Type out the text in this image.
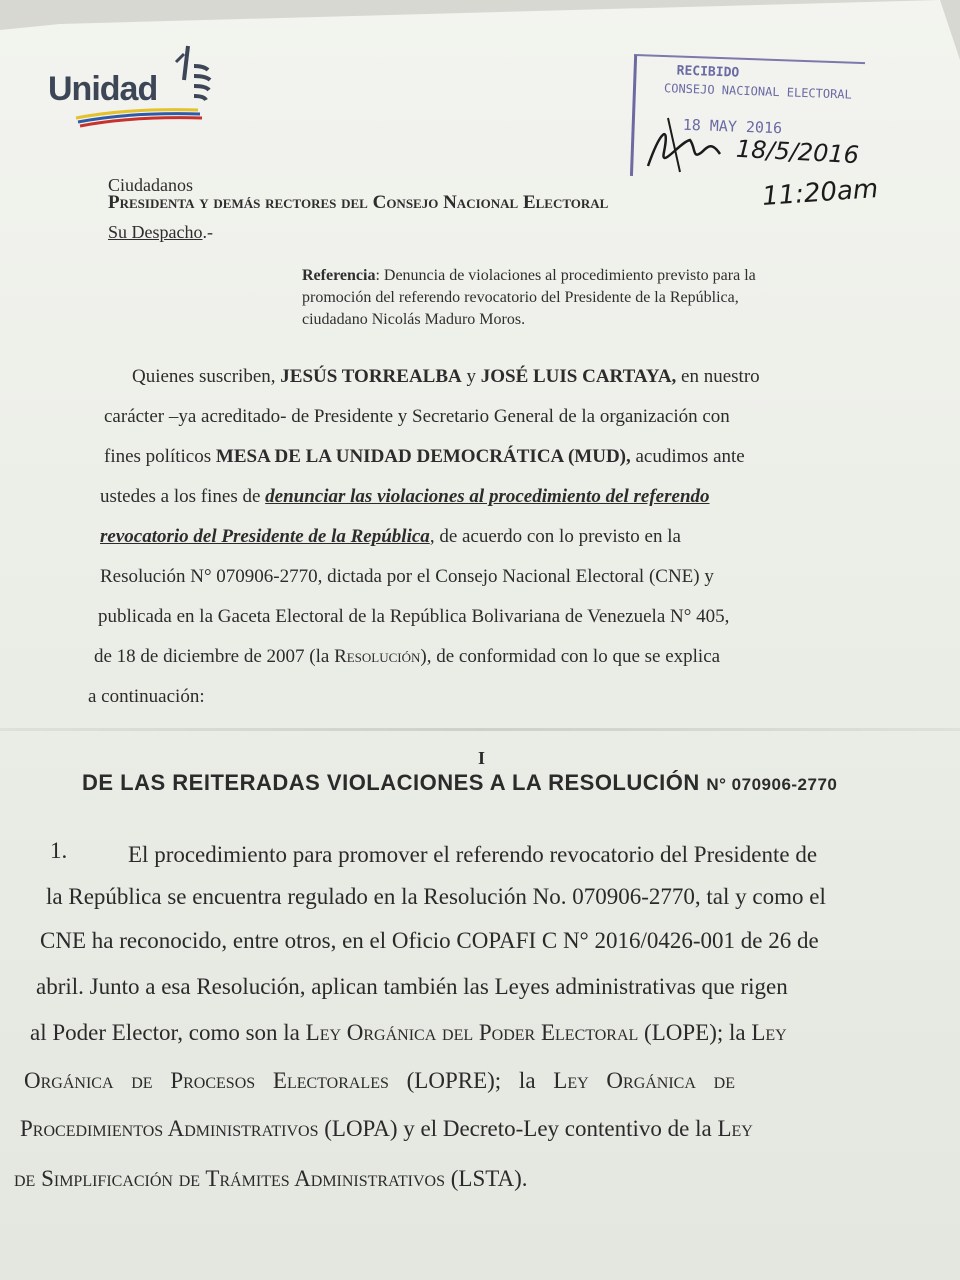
Unidad	RECIBIDO
CONSEJO NACIONAL ELECTORAL
18 MAY 2016
18/5/2016
11:20am
Ciudadanos
Presidenta y demás rectores del Consejo Nacional Electoral
Su Despacho.-
Referencia: Denuncia de violaciones al procedimiento previsto para la
promoción del referendo revocatorio del Presidente de la República,
ciudadano Nicolás Maduro Moros.
Quienes suscriben, JESÚS TORREALBA y JOSÉ LUIS CARTAYA, en nuestro
carácter –ya acreditado- de Presidente y Secretario General de la organización con
fines políticos MESA DE LA UNIDAD DEMOCRÁTICA (MUD), acudimos ante
ustedes a los fines de denunciar las violaciones al procedimiento del referendo
revocatorio del Presidente de la República, de acuerdo con lo previsto en la
Resolución N° 070906-2770, dictada por el Consejo Nacional Electoral (CNE) y
publicada en la Gaceta Electoral de la República Bolivariana de Venezuela N° 405,
de 18 de diciembre de 2007 (la Resolución), de conformidad con lo que se explica
a continuación:
I
DE LAS REITERADAS VIOLACIONES A LA RESOLUCIÓN N° 070906-2770
1.	El procedimiento para promover el referendo revocatorio del Presidente de
la República se encuentra regulado en la Resolución No. 070906-2770, tal y como el
CNE ha reconocido, entre otros, en el Oficio COPAFI C N° 2016/0426-001 de 26 de
abril. Junto a esa Resolución, aplican también las Leyes administrativas que rigen
al Poder Elector, como son la Ley Orgánica del Poder Electoral (LOPE); la Ley
Orgánica de Procesos Electorales (LOPRE); la Ley Orgánica de
Procedimientos Administrativos (LOPA) y el Decreto-Ley contentivo de la Ley
de Simplificación de Trámites Administrativos (LSTA).
